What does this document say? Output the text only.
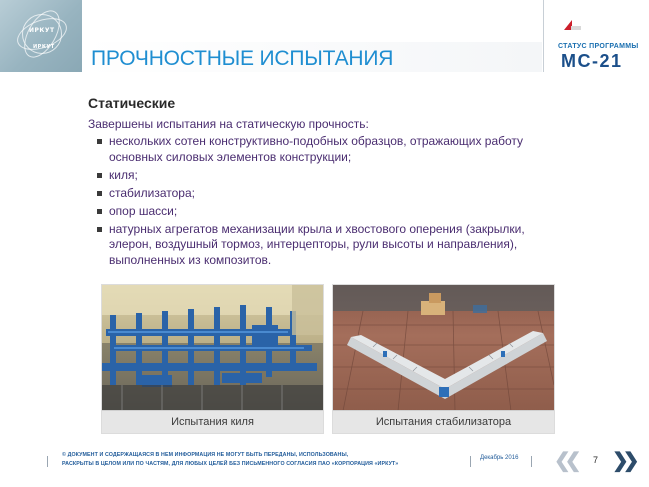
ИРКУТ
ИРКУТ ПРОЧНОСТНЫЕ ИСПЫТАНИЯ
СТАТУС ПРОГРАММЫ
МС-21
Статические
Завершены испытания на статическую прочность:
нескольких сотен конструктивно-подобных образцов, отражающих работу основных силовых элементов конструкции;
киля;
стабилизатора;
опор шасси;
натурных агрегатов механизации крыла и хвостового оперения (закрылки, элерон, воздушный тормоз, интерцепторы, рули высоты и направления), выполненных из композитов.
Испытания киля	Испытания стабилизатора
© ДОКУМЕНТ И СОДЕРЖАЩАЯСЯ В НЕМ ИНФОРМАЦИЯ НЕ МОГУТ БЫТЬ ПЕРЕДАНЫ, ИСПОЛЬЗОВАНЫ,
РАСКРЫТЫ В ЦЕЛОМ ИЛИ ПО ЧАСТЯМ, ДЛЯ ЛЮБЫХ ЦЕЛЕЙ БЕЗ ПИСЬМЕННОГО СОГЛАСИЯ ПАО «КОРПОРАЦИЯ «ИРКУТ»
Декабрь 2016 ❮❮ 7 ❯❯
